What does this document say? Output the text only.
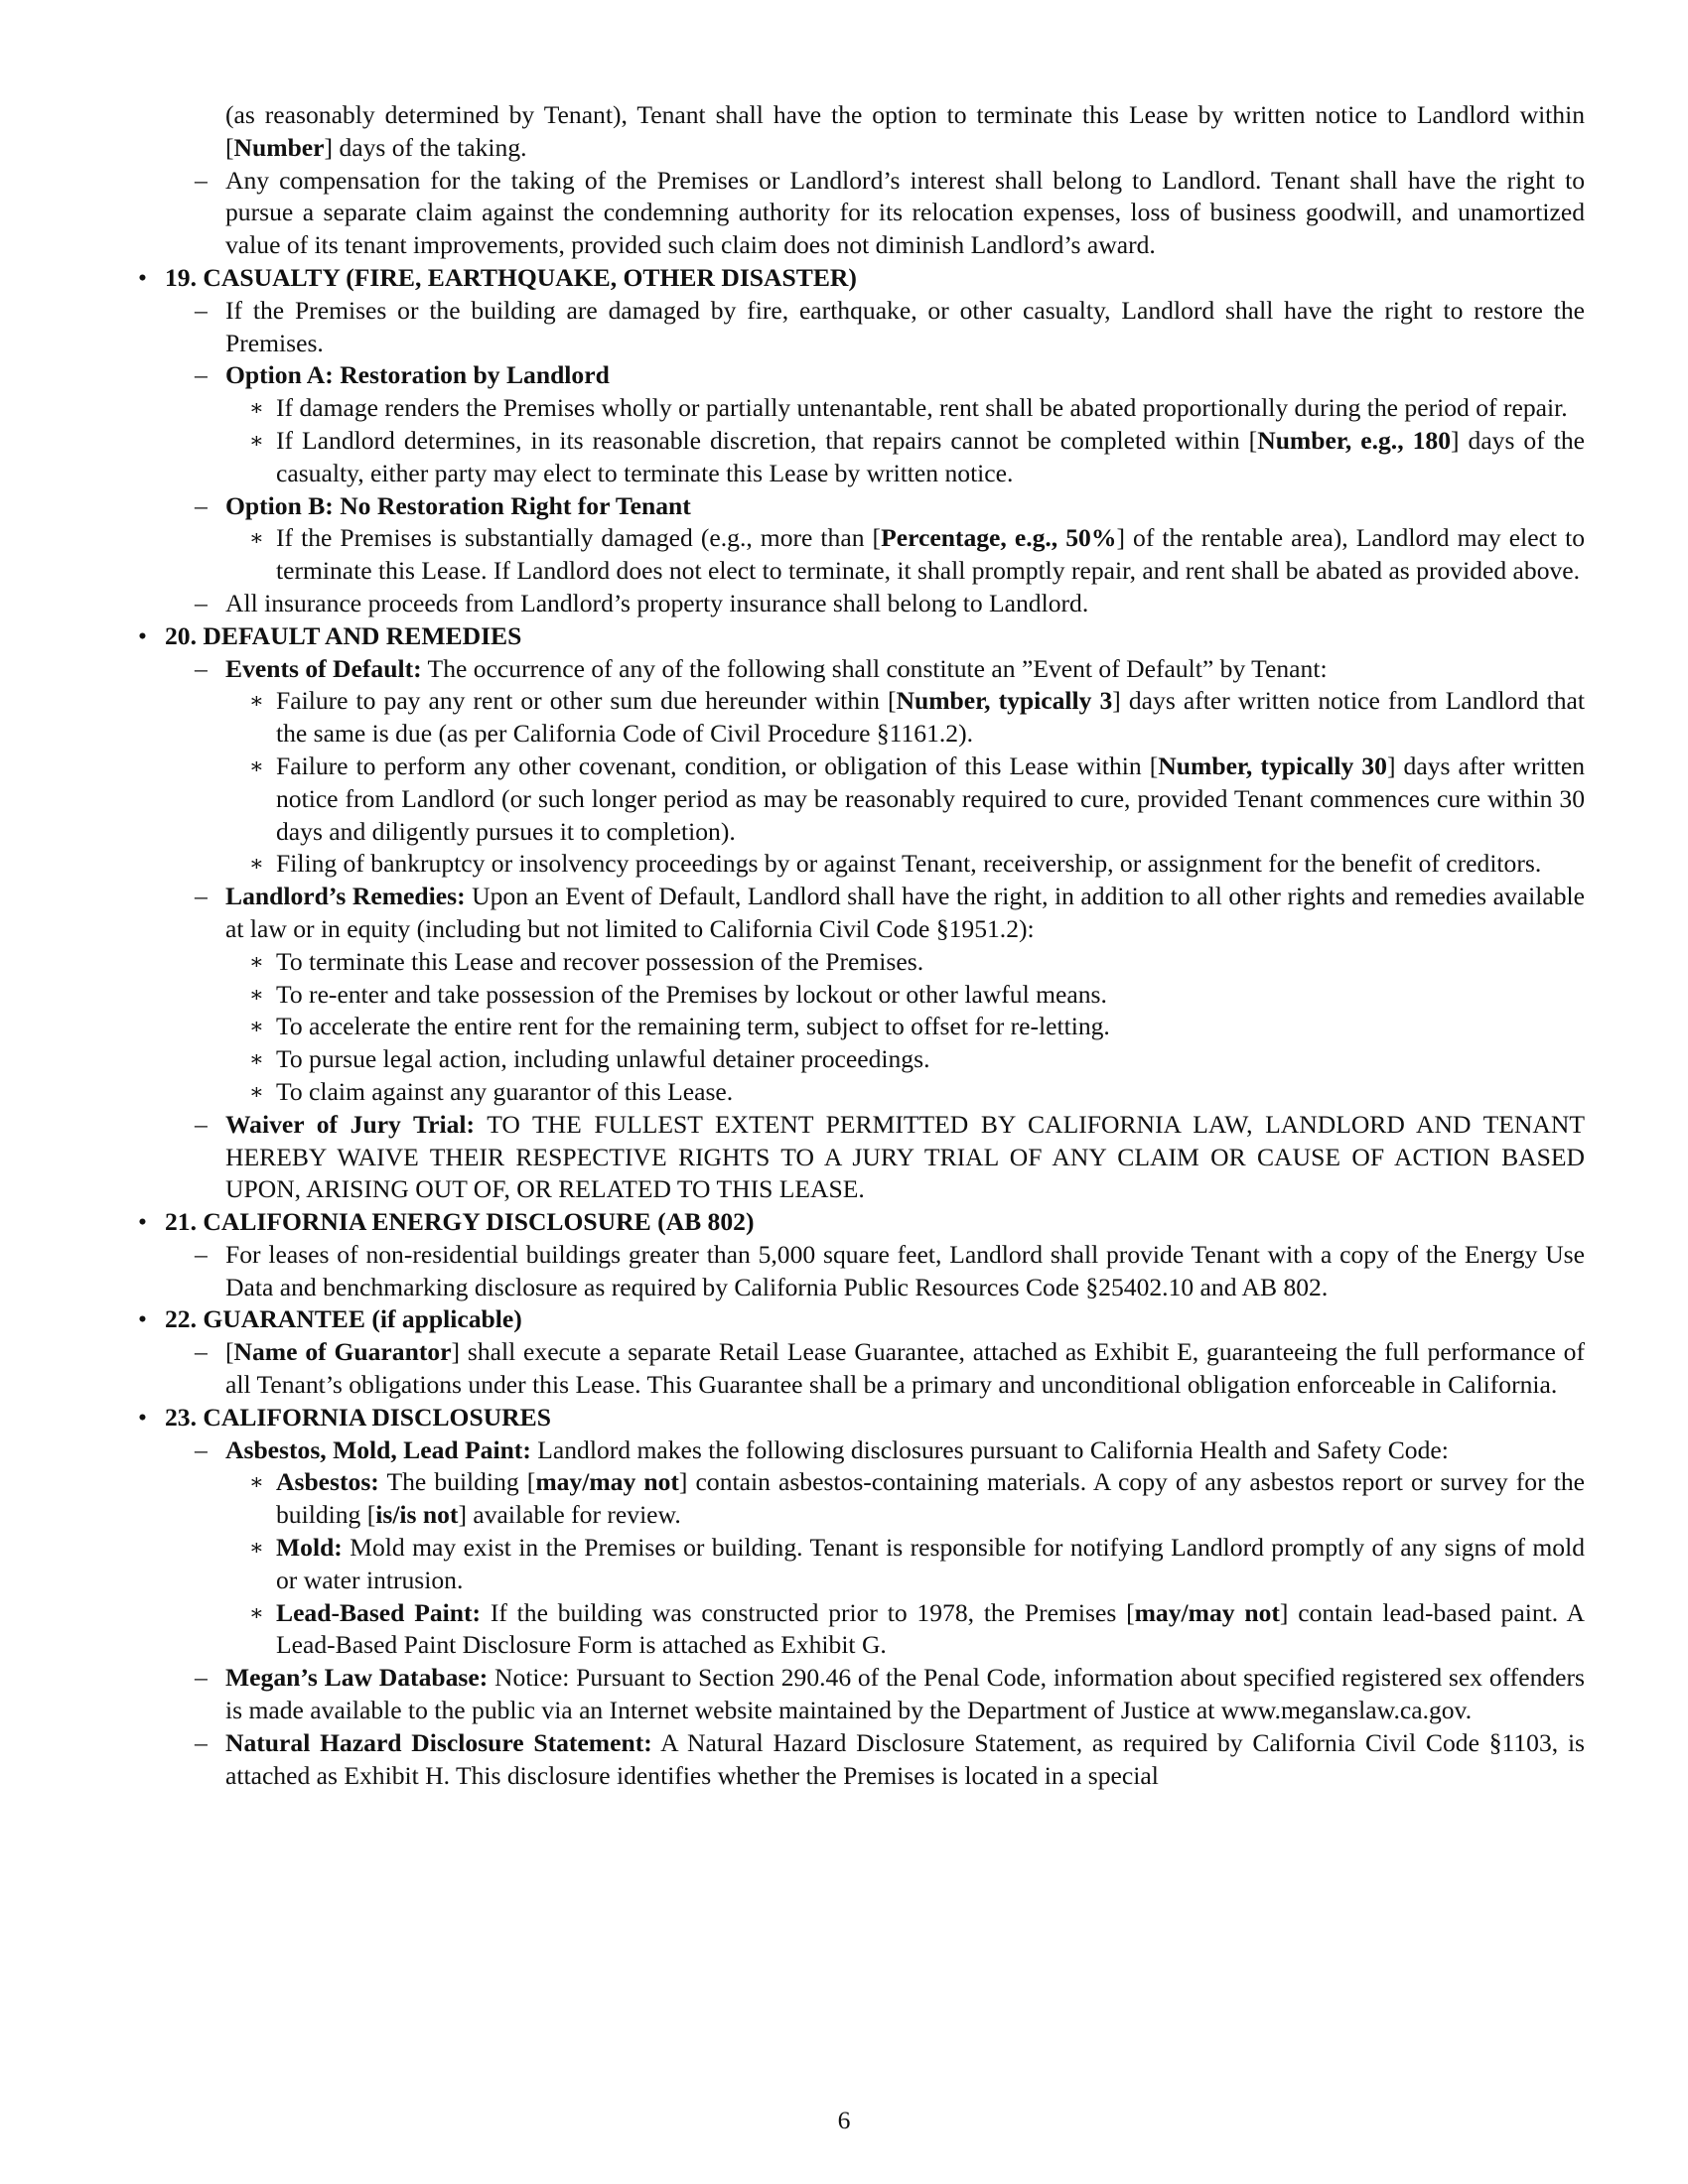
(as reasonably determined by Tenant), Tenant shall have the option to terminate this Lease by written notice to Landlord within [Number] days of the taking.

– Any compensation for the taking of the Premises or Landlord’s interest shall belong to Landlord. Tenant shall have the right to pursue a separate claim against the condemning authority for its relocation expenses, loss of business goodwill, and unamortized value of its tenant improvements, provided such claim does not diminish Landlord’s award.

• 19. CASUALTY (FIRE, EARTHQUAKE, OTHER DISASTER)

– If the Premises or the building are damaged by fire, earthquake, or other casualty, Landlord shall have the right to restore the Premises.

– Option A: Restoration by Landlord

∗ If damage renders the Premises wholly or partially untenantable, rent shall be abated proportionally during the period of repair.

∗ If Landlord determines, in its reasonable discretion, that repairs cannot be completed within [Number, e.g., 180] days of the casualty, either party may elect to terminate this Lease by written notice.

– Option B: No Restoration Right for Tenant

∗ If the Premises is substantially damaged (e.g., more than [Percentage, e.g., 50%] of the rentable area), Landlord may elect to terminate this Lease. If Landlord does not elect to terminate, it shall promptly repair, and rent shall be abated as provided above.

– All insurance proceeds from Landlord’s property insurance shall belong to Landlord.

• 20. DEFAULT AND REMEDIES

– Events of Default: The occurrence of any of the following shall constitute an ”Event of Default” by Tenant:

∗ Failure to pay any rent or other sum due hereunder within [Number, typically 3] days after written notice from Landlord that the same is due (as per California Code of Civil Procedure §1161.2).

∗ Failure to perform any other covenant, condition, or obligation of this Lease within [Number, typically 30] days after written notice from Landlord (or such longer period as may be reasonably required to cure, provided Tenant commences cure within 30 days and diligently pursues it to completion).

∗ Filing of bankruptcy or insolvency proceedings by or against Tenant, receivership, or assignment for the benefit of creditors.

– Landlord’s Remedies: Upon an Event of Default, Landlord shall have the right, in addition to all other rights and remedies available at law or in equity (including but not limited to California Civil Code §1951.2):

∗ To terminate this Lease and recover possession of the Premises.

∗ To re-enter and take possession of the Premises by lockout or other lawful means.

∗ To accelerate the entire rent for the remaining term, subject to offset for re-letting.

∗ To pursue legal action, including unlawful detainer proceedings.

∗ To claim against any guarantor of this Lease.

– Waiver of Jury Trial: TO THE FULLEST EXTENT PERMITTED BY CALIFORNIA LAW, LANDLORD AND TENANT HEREBY WAIVE THEIR RESPECTIVE RIGHTS TO A JURY TRIAL OF ANY CLAIM OR CAUSE OF ACTION BASED UPON, ARISING OUT OF, OR RELATED TO THIS LEASE.

• 21. CALIFORNIA ENERGY DISCLOSURE (AB 802)

– For leases of non-residential buildings greater than 5,000 square feet, Landlord shall provide Tenant with a copy of the Energy Use Data and benchmarking disclosure as required by California Public Resources Code §25402.10 and AB 802.

• 22. GUARANTEE (if applicable)

– [Name of Guarantor] shall execute a separate Retail Lease Guarantee, attached as Exhibit E, guaranteeing the full performance of all Tenant’s obligations under this Lease. This Guarantee shall be a primary and unconditional obligation enforceable in California.

• 23. CALIFORNIA DISCLOSURES

– Asbestos, Mold, Lead Paint: Landlord makes the following disclosures pursuant to California Health and Safety Code:

∗ Asbestos: The building [may/may not] contain asbestos-containing materials. A copy of any asbestos report or survey for the building [is/is not] available for review.

∗ Mold: Mold may exist in the Premises or building. Tenant is responsible for notifying Landlord promptly of any signs of mold or water intrusion.

∗ Lead-Based Paint: If the building was constructed prior to 1978, the Premises [may/may not] contain lead-based paint. A Lead-Based Paint Disclosure Form is attached as Exhibit G.

– Megan’s Law Database: Notice: Pursuant to Section 290.46 of the Penal Code, information about specified registered sex offenders is made available to the public via an Internet website maintained by the Department of Justice at www.meganslaw.ca.gov.

– Natural Hazard Disclosure Statement: A Natural Hazard Disclosure Statement, as required by California Civil Code §1103, is attached as Exhibit H. This disclosure identifies whether the Premises is located in a special

6
